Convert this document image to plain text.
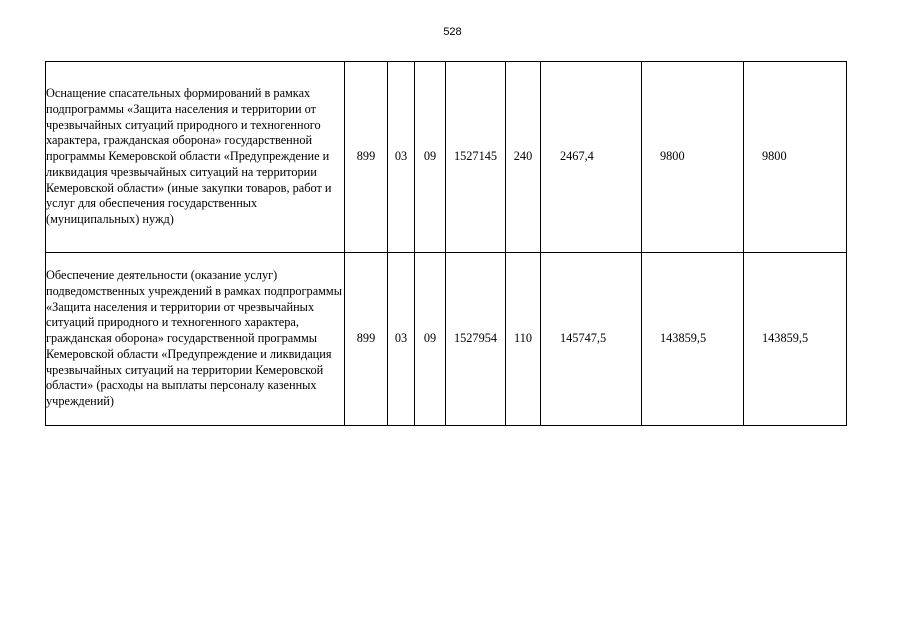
528
Оснащение спасательных формирований в рамках подпрограммы «Защита населения и территории от чрезвычайных ситуаций природного и техногенного характера, гражданская оборона» государственной программы Кемеровской области «Предупреждение и ликвидация чрезвычайных ситуаций на территории Кемеровской области» (иные закупки товаров, работ и услуг для обеспечения государственных (муниципальных) нужд)	899	03	09	1527145	240	2467,4	9800	9800
Обеспечение деятельности (оказание услуг) подведомственных учреждений в рамках подпрограммы «Защита населения и территории от чрезвычайных ситуаций природного и техногенного характера, гражданская оборона» государственной программы Кемеровской области «Предупреждение и ликвидация чрезвычайных ситуаций на территории Кемеровской области» (расходы на выплаты персоналу казенных учреждений)	899	03	09	1527954	110	145747,5	143859,5	143859,5
